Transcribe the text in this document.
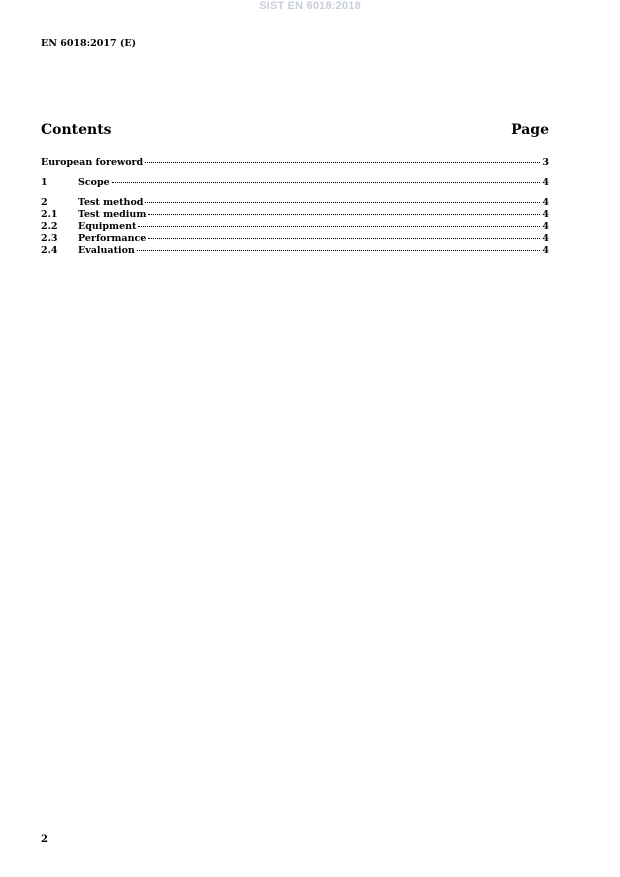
SIST EN 6018:2018
EN 6018:2017 (E)
Contents	Page
European foreword	3
1	Scope	4
2	Test method	4
2.1	Test medium	4
2.2	Equipment	4
2.3	Performance	4
2.4	Evaluation	4
2
